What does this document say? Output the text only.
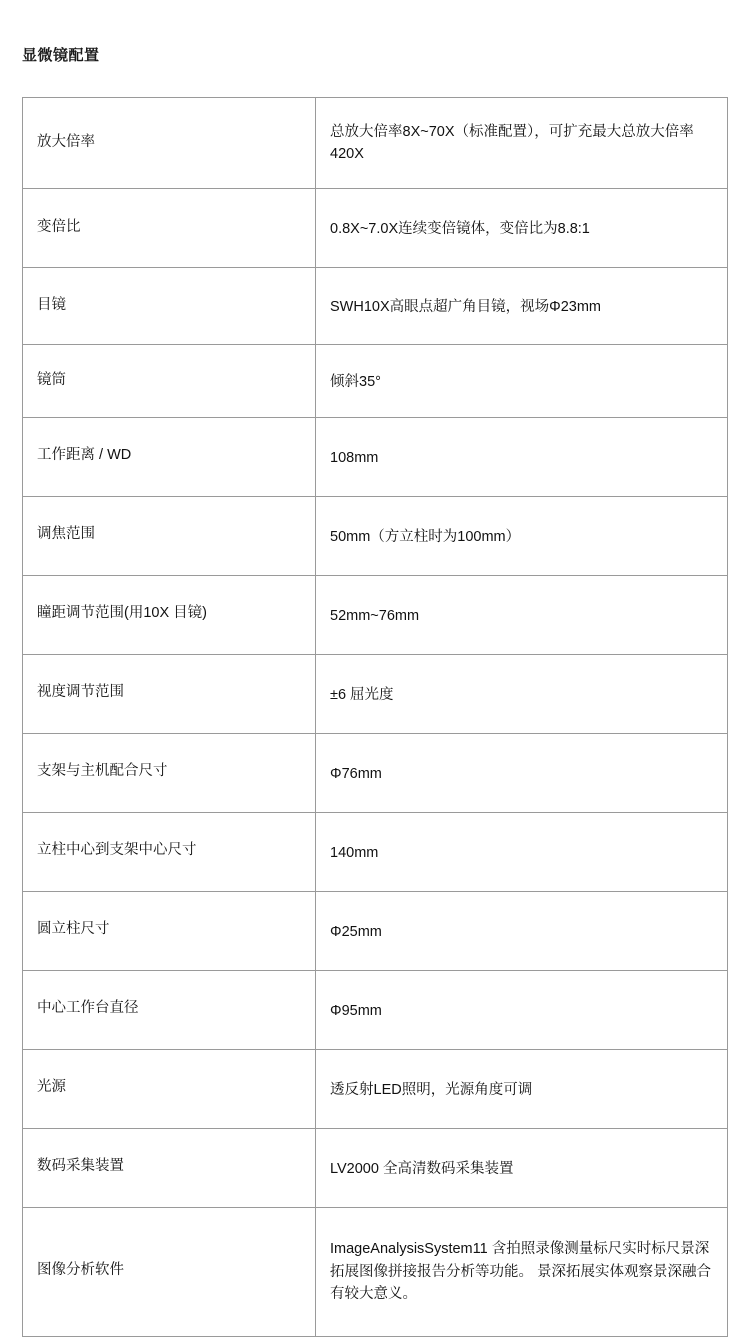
显微镜配置
放大倍率	总放大倍率8X~70X（标准配置），可扩充最大总放大倍率420X
变倍比	0.8X~7.0X连续变倍镜体，变倍比为8.8:1
目镜	SWH10X高眼点超广角目镜，视场Φ23mm
镜筒	倾斜35°
工作距离 / WD	108mm
调焦范围	50mm（方立柱时为100mm）
瞳距调节范围(用10X 目镜)	52mm~76mm
视度调节范围	±6 屈光度
支架与主机配合尺寸	Φ76mm
立柱中心到支架中心尺寸	140mm
圆立柱尺寸	Φ25mm
中心工作台直径	Φ95mm
光源	透反射LED照明，光源角度可调
数码采集装置	LV2000 全高清数码采集装置
图像分析软件	ImageAnalysisSystem11 含拍照录像测量标尺实时标尺景深拓展图像拼接报告分析等功能。 景深拓展实体观察景深融合有较大意义。
